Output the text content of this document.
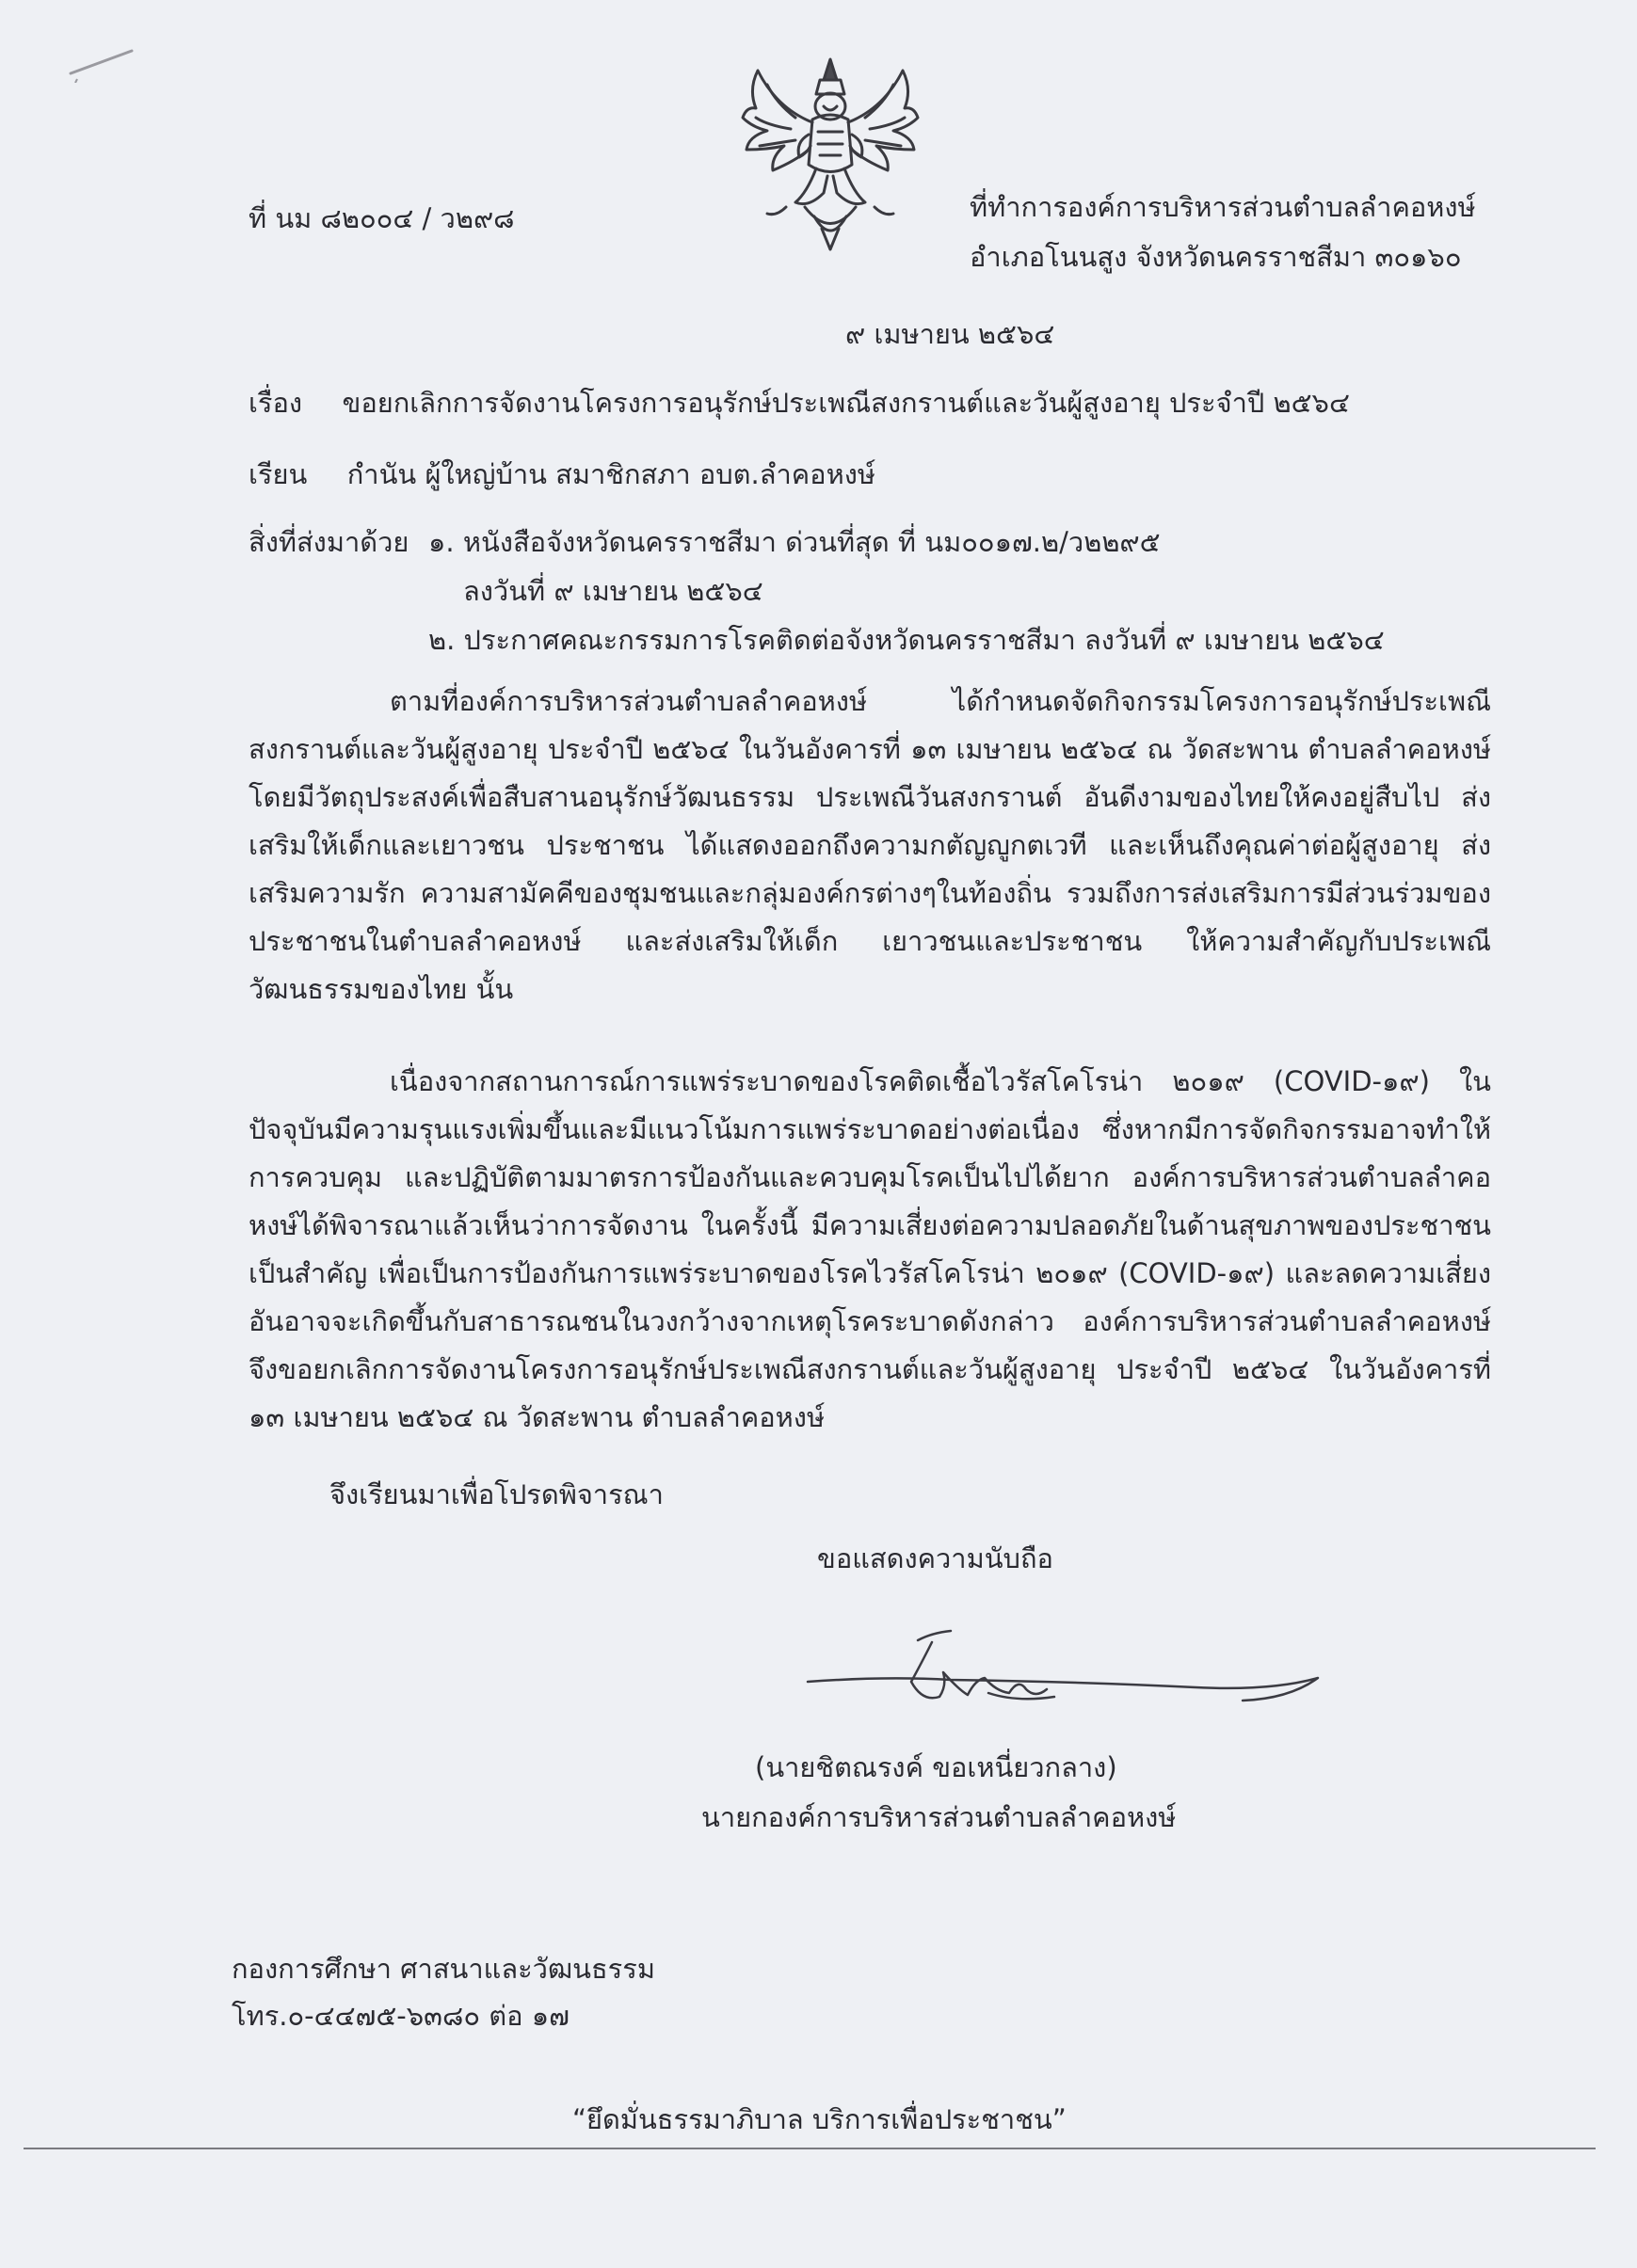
ที่ นม ๘๒๐๐๔ / ว๒๙๘	ที่ทำการองค์การบริหารส่วนตำบลลำคอหงษ์
อำเภอโนนสูง จังหวัดนครราชสีมา ๓๐๑๖๐
๙ เมษายน ๒๕๖๔
เรื่อง ขอยกเลิกการจัดงานโครงการอนุรักษ์ประเพณีสงกรานต์และวันผู้สูงอายุ ประจำปี ๒๕๖๔
เรียน กำนัน ผู้ใหญ่บ้าน สมาชิกสภา อบต.ลำคอหงษ์
สิ่งที่ส่งมาด้วย ๑. หนังสือจังหวัดนครราชสีมา ด่วนที่สุด ที่ นม๐๐๑๗.๒/ว๒๒๙๕
ลงวันที่ ๙ เมษายน ๒๕๖๔
๒. ประกาศคณะกรรมการโรคติดต่อจังหวัดนครราชสีมา ลงวันที่ ๙ เมษายน ๒๕๖๔

ตามที่องค์การบริหารส่วนตำบลลำคอหงษ์ ได้กำหนดจัดกิจกรรมโครงการอนุรักษ์ประเพณีสงกรานต์และวันผู้สูงอายุ ประจำปี ๒๕๖๔ ในวันอังคารที่ ๑๓ เมษายน ๒๕๖๔ ณ วัดสะพาน ตำบลลำคอหงษ์ โดยมีวัตถุประสงค์เพื่อสืบสานอนุรักษ์วัฒนธรรม ประเพณีวันสงกรานต์ อันดีงามของไทยให้คงอยู่สืบไป ส่งเสริมให้เด็กและเยาวชน ประชาชน ได้แสดงออกถึงความกตัญญูกตเวที และเห็นถึงคุณค่าต่อผู้สูงอายุ ส่งเสริมความรัก ความสามัคคีของชุมชนและกลุ่มองค์กรต่างๆในท้องถิ่น รวมถึงการส่งเสริมการมีส่วนร่วมของประชาชนในตำบลลำคอหงษ์ และส่งเสริมให้เด็ก เยาวชนและประชาชน ให้ความสำคัญกับประเพณี วัฒนธรรมของไทย นั้น

เนื่องจากสถานการณ์การแพร่ระบาดของโรคติดเชื้อไวรัสโคโรน่า ๒๐๑๙ (COVID-๑๙) ในปัจจุบันมีความรุนแรงเพิ่มขึ้นและมีแนวโน้มการแพร่ระบาดอย่างต่อเนื่อง ซึ่งหากมีการจัดกิจกรรมอาจทำให้การควบคุม และปฏิบัติตามมาตรการป้องกันและควบคุมโรคเป็นไปได้ยาก องค์การบริหารส่วนตำบลลำคอหงษ์ได้พิจารณาแล้วเห็นว่าการจัดงาน ในครั้งนี้ มีความเสี่ยงต่อความปลอดภัยในด้านสุขภาพของประชาชนเป็นสำคัญ เพื่อเป็นการป้องกันการแพร่ระบาดของโรคไวรัสโคโรน่า ๒๐๑๙ (COVID-๑๙) และลดความเสี่ยงอันอาจจะเกิดขึ้นกับสาธารณชนในวงกว้างจากเหตุโรคระบาดดังกล่าว องค์การบริหารส่วนตำบลลำคอหงษ์จึงขอยกเลิกการจัดงานโครงการอนุรักษ์ประเพณีสงกรานต์และวันผู้สูงอายุ ประจำปี ๒๕๖๔ ในวันอังคารที่ ๑๓ เมษายน ๒๕๖๔ ณ วัดสะพาน ตำบลลำคอหงษ์

จึงเรียนมาเพื่อโปรดพิจารณา
ขอแสดงความนับถือ
(นายชิตณรงค์ ขอเหนี่ยวกลาง)
นายกองค์การบริหารส่วนตำบลลำคอหงษ์
กองการศึกษา ศาสนาและวัฒนธรรม
โทร.๐-๔๔๗๕-๖๓๘๐ ต่อ ๑๗
“ยึดมั่นธรรมาภิบาล บริการเพื่อประชาชน”
